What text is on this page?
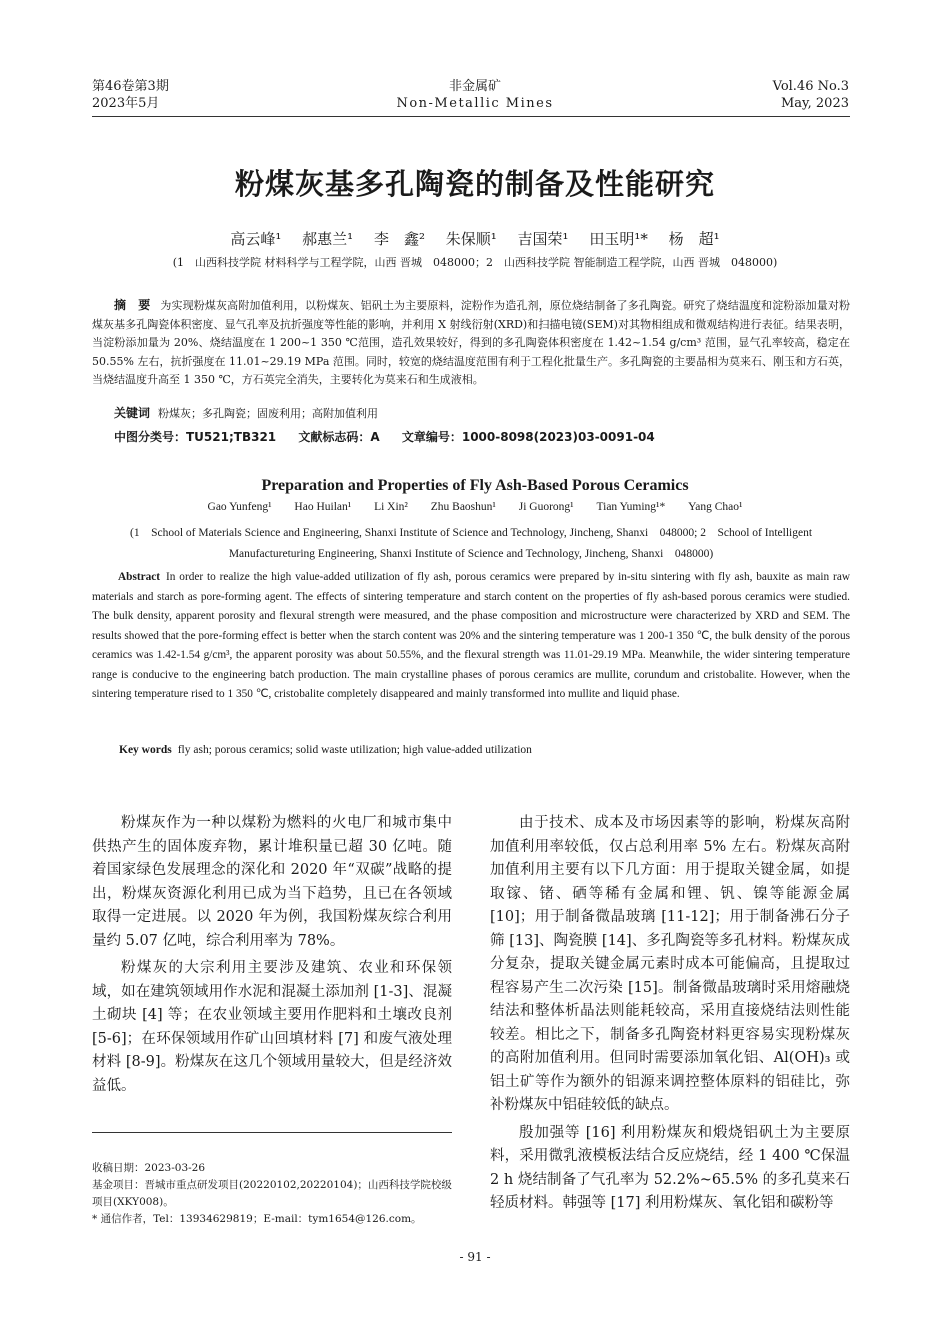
第46卷第3期
2023年5月
非金属矿
Non-Metallic Mines
Vol.46 No.3
May, 2023
粉煤灰基多孔陶瓷的制备及性能研究
高云峰¹ 郝惠兰¹ 李　鑫² 朱保顺¹ 吉国荣¹ 田玉明¹* 杨　超¹
(1　山西科技学院 材料科学与工程学院，山西 晋城　048000；2　山西科技学院 智能制造工程学院，山西 晋城　048000)
摘　要 为实现粉煤灰高附加值利用，以粉煤灰、铝矾土为主要原料，淀粉作为造孔剂，原位烧结制备了多孔陶瓷。研究了烧结温度和淀粉添加量对粉煤灰基多孔陶瓷体积密度、显气孔率及抗折强度等性能的影响，并利用 X 射线衍射(XRD)和扫描电镜(SEM)对其物相组成和微观结构进行表征。结果表明，当淀粉添加量为 20%、烧结温度在 1 200~1 350 ℃范围，造孔效果较好，得到的多孔陶瓷体积密度在 1.42~1.54 g/cm³ 范围，显气孔率较高，稳定在 50.55% 左右，抗折强度在 11.01~29.19 MPa 范围。同时，较宽的烧结温度范围有利于工程化批量生产。多孔陶瓷的主要晶相为莫来石、刚玉和方石英，当烧结温度升高至 1 350 ℃，方石英完全消失，主要转化为莫来石和生成液相。
关键词 粉煤灰；多孔陶瓷；固废利用；高附加值利用
中图分类号：TU521;TB321 文献标志码：A 文章编号：1000-8098(2023)03-0091-04
Preparation and Properties of Fly Ash-Based Porous Ceramics
Gao Yunfeng¹ Hao Huilan¹ Li Xin² Zhu Baoshun¹ Ji Guorong¹ Tian Yuming¹* Yang Chao¹
(1　School of Materials Science and Engineering, Shanxi Institute of Science and Technology, Jincheng, Shanxi　048000; 2　School of Intelligent Manufactureturing Engineering, Shanxi Institute of Science and Technology, Jincheng, Shanxi　048000)
Abstract In order to realize the high value-added utilization of fly ash, porous ceramics were prepared by in-situ sintering with fly ash, bauxite as main raw materials and starch as pore-forming agent. The effects of sintering temperature and starch content on the properties of fly ash-based porous ceramics were studied. The bulk density, apparent porosity and flexural strength were measured, and the phase composition and microstructure were characterized by XRD and SEM. The results showed that the pore-forming effect is better when the starch content was 20% and the sintering temperature was 1 200-1 350 ℃, the bulk density of the porous ceramics was 1.42-1.54 g/cm³, the apparent porosity was about 50.55%, and the flexural strength was 11.01-29.19 MPa. Meanwhile, the wider sintering temperature range is conducive to the engineering batch production. The main crystalline phases of porous ceramics are mullite, corundum and cristobalite. However, when the sintering temperature rised to 1 350 ℃, cristobalite completely disappeared and mainly transformed into mullite and liquid phase.
Key words fly ash; porous ceramics; solid waste utilization; high value-added utilization

粉煤灰作为一种以煤粉为燃料的火电厂和城市集中供热产生的固体废弃物，累计堆积量已超 30 亿吨。随着国家绿色发展理念的深化和 2020 年“双碳”战略的提出，粉煤灰资源化利用已成为当下趋势，且已在各领域取得一定进展。以 2020 年为例，我国粉煤灰综合利用量约 5.07 亿吨，综合利用率为 78%。

粉煤灰的大宗利用主要涉及建筑、农业和环保领域，如在建筑领域用作水泥和混凝土添加剂 [1-3]、混凝土砌块 [4] 等；在农业领域主要用作肥料和土壤改良剂 [5-6]；在环保领域用作矿山回填材料 [7] 和废气液处理材料 [8-9]。粉煤灰在这几个领域用量较大，但是经济效益低。

由于技术、成本及市场因素等的影响，粉煤灰高附加值利用率较低，仅占总利用率 5% 左右。粉煤灰高附加值利用主要有以下几方面：用于提取关键金属，如提取镓、锗、硒等稀有金属和锂、钒、镍等能源金属 [10]；用于制备微晶玻璃 [11-12]；用于制备沸石分子筛 [13]、陶瓷膜 [14]、多孔陶瓷等多孔材料。粉煤灰成分复杂，提取关键金属元素时成本可能偏高，且提取过程容易产生二次污染 [15]。制备微晶玻璃时采用熔融烧结法和整体析晶法则能耗较高，采用直接烧结法则性能较差。相比之下，制备多孔陶瓷材料更容易实现粉煤灰的高附加值利用。但同时需要添加氧化铝、Al(OH)₃ 或铝土矿等作为额外的铝源来调控整体原料的铝硅比，弥补粉煤灰中铝硅较低的缺点。

殷加强等 [16] 利用粉煤灰和煅烧铝矾土为主要原料，采用微乳液模板法结合反应烧结，经 1 400 ℃保温 2 h 烧结制备了气孔率为 52.2%~65.5% 的多孔莫来石轻质材料。韩强等 [17] 利用粉煤灰、氧化铝和碳粉等

收稿日期：2023-03-26
基金项目：晋城市重点研发项目(20220102,20220104)；山西科技学院校级项目(XKY008)。
* 通信作者，Tel：13934629819；E-mail：tym1654@126.com。
- 91 -
